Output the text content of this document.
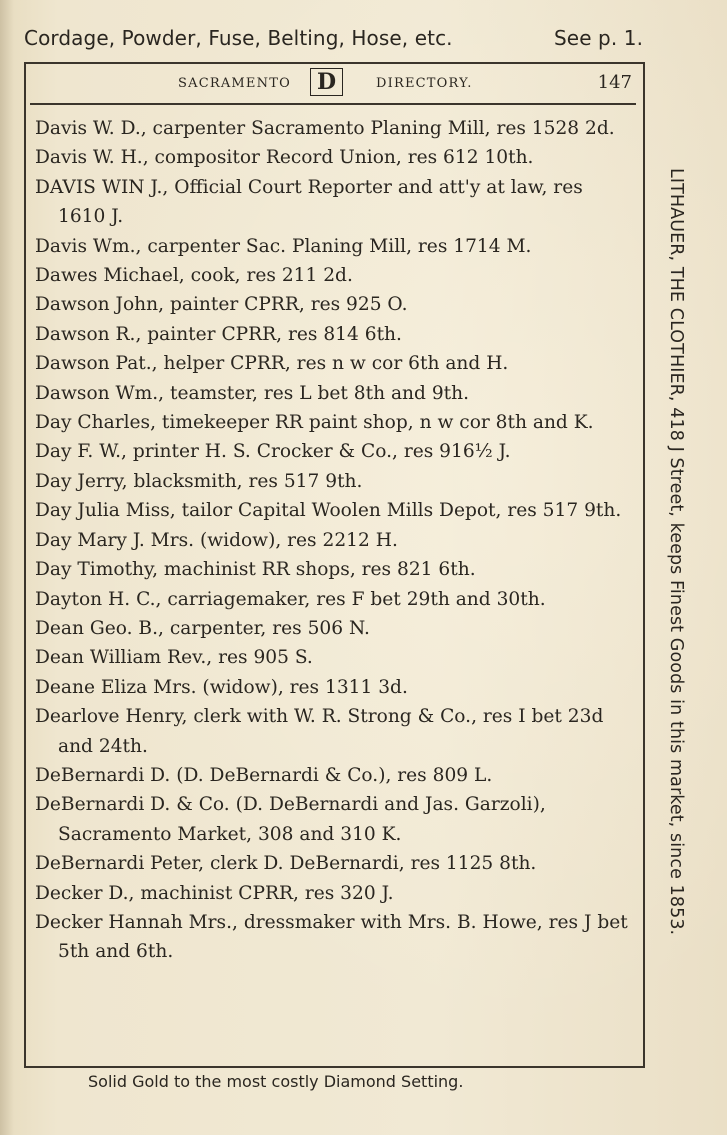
Cordage, Powder, Fuse, Belting, Hose, etc.	See p. 1.
SACRAMENTO	D	DIRECTORY.	147

Davis W. D., carpenter Sacramento Planing Mill, res 1528 2d.

Davis W. H., compositor Record Union, res 612 10th.

DAVIS WIN J., Official Court Reporter and att'y at law, res 1610 J.

Davis Wm., carpenter Sac. Planing Mill, res 1714 M.

Dawes Michael, cook, res 211 2d.

Dawson John, painter CPRR, res 925 O.

Dawson R., painter CPRR, res 814 6th.

Dawson Pat., helper CPRR, res n w cor 6th and H.

Dawson Wm., teamster, res L bet 8th and 9th.

Day Charles, timekeeper RR paint shop, n w cor 8th and K.

Day F. W., printer H. S. Crocker & Co., res 916½ J.

Day Jerry, blacksmith, res 517 9th.

Day Julia Miss, tailor Capital Woolen Mills Depot, res 517 9th.

Day Mary J. Mrs. (widow), res 2212 H.

Day Timothy, machinist RR shops, res 821 6th.

Dayton H. C., carriagemaker, res F bet 29th and 30th.

Dean Geo. B., carpenter, res 506 N.

Dean William Rev., res 905 S.

Deane Eliza Mrs. (widow), res 1311 3d.

Dearlove Henry, clerk with W. R. Strong & Co., res I bet 23d and 24th.

DeBernardi D. (D. DeBernardi & Co.), res 809 L.

DeBernardi D. & Co. (D. DeBernardi and Jas. Garzoli), Sacramento Market, 308 and 310 K.

DeBernardi Peter, clerk D. DeBernardi, res 1125 8th.

Decker D., machinist CPRR, res 320 J.

Decker Hannah Mrs., dressmaker with Mrs. B. Howe, res J bet 5th and 6th.

LITHAUER, THE CLOTHIER, 418 J Street, keeps Finest Goods in this market, since 1853.
Solid Gold to the most costly Diamond Setting.
